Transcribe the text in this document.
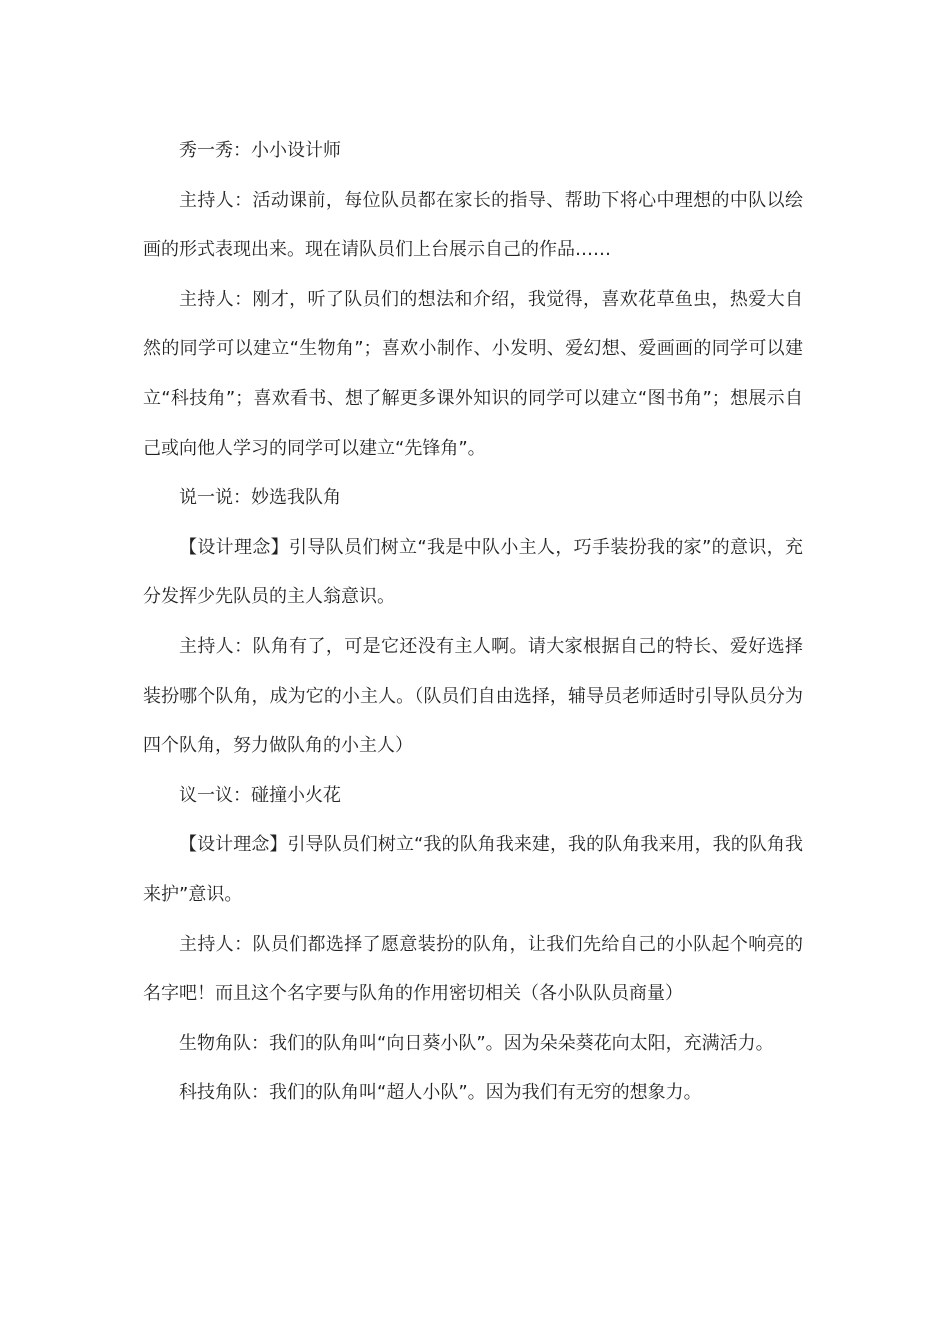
秀一秀：小小设计师

主持人：活动课前，每位队员都在家长的指导、帮助下将心中理想的中队以绘画的形式表现出来。现在请队员们上台展示自己的作品……

主持人：刚才，听了队员们的想法和介绍，我觉得，喜欢花草鱼虫，热爱大自然的同学可以建立“生物角”；喜欢小制作、小发明、爱幻想、爱画画的同学可以建立“科技角”；喜欢看书、想了解更多课外知识的同学可以建立“图书角”；想展示自己或向他人学习的同学可以建立“先锋角”。

说一说：妙选我队角

【设计理念】引导队员们树立“我是中队小主人，巧手装扮我的家”的意识，充分发挥少先队员的主人翁意识。

主持人：队角有了，可是它还没有主人啊。请大家根据自己的特长、爱好选择装扮哪个队角，成为它的小主人。（队员们自由选择，辅导员老师适时引导队员分为四个队角，努力做队角的小主人）

议一议：碰撞小火花

【设计理念】引导队员们树立“我的队角我来建，我的队角我来用，我的队角我来护”意识。

主持人：队员们都选择了愿意装扮的队角，让我们先给自己的小队起个响亮的名字吧！而且这个名字要与队角的作用密切相关（各小队队员商量）

生物角队：我们的队角叫“向日葵小队”。因为朵朵葵花向太阳，充满活力。

科技角队：我们的队角叫“超人小队”。因为我们有无穷的想象力。
